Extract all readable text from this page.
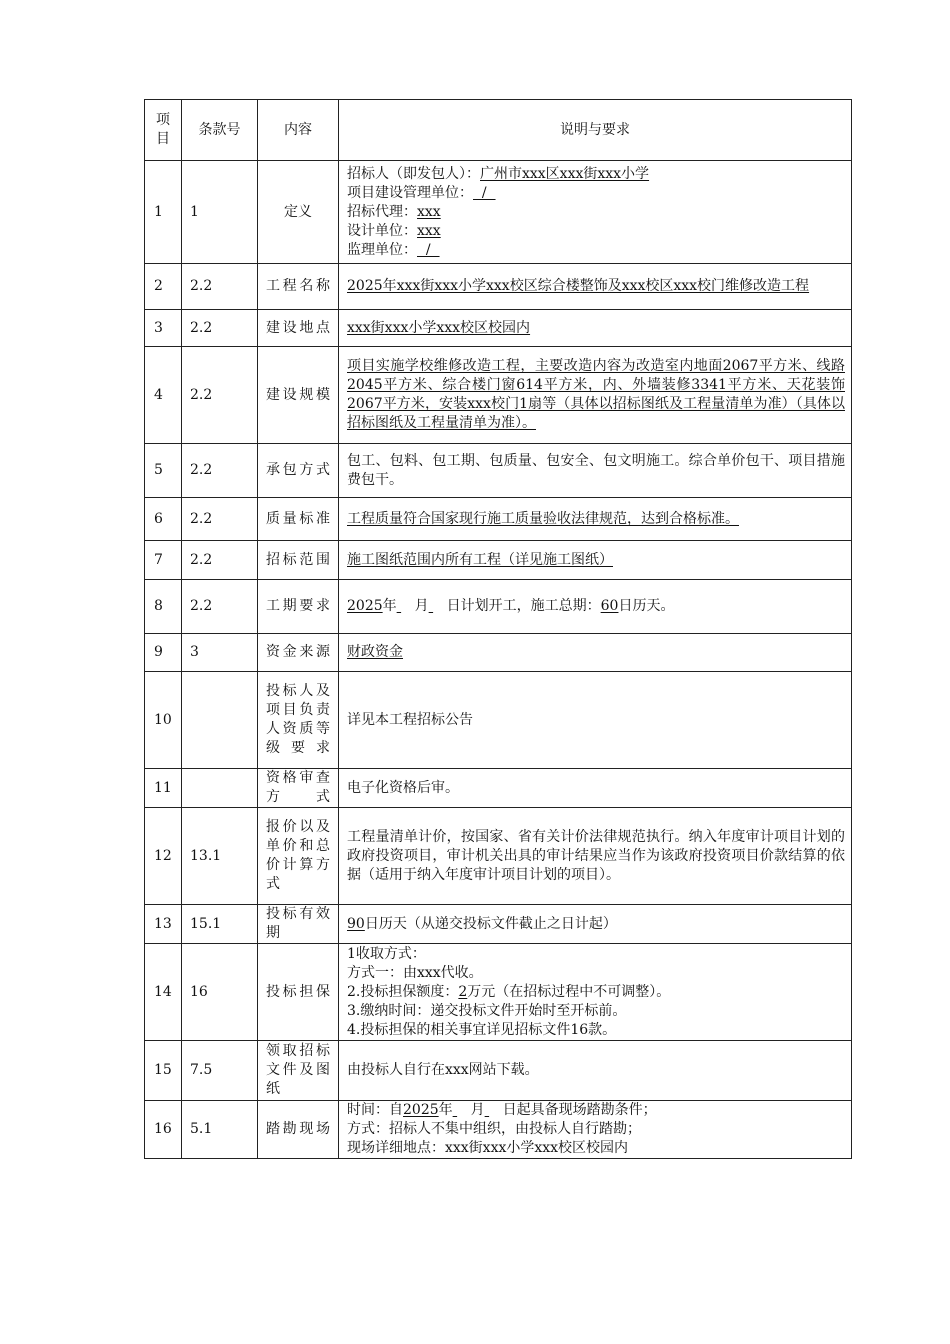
项目	条款号	内容	说明与要求
1	1	定义	招标人（即发包人）：广州市xxx区xxx街xxx小学
项目建设管理单位：  /
招标代理：xxx
设计单位：xxx
监理单位：  /

2	2.2	工程名称	2025年xxx街xxx小学xxx校区综合楼整饰及xxx校区xxx校门维修改造工程
3	2.2	建设地点	xxx街xxx小学xxx校区校园内
4	2.2	建设规模	项目实施学校维修改造工程，主要改造内容为改造室内地面2067平方米、线路2045平方米、综合楼门窗614平方米，内、外墙装修3341平方米、天花装饰2067平方米，安装xxx校门1扇等（具体以招标图纸及工程量清单为准）（具体以招标图纸及工程量清单为准）。
5	2.2	承包方式	包工、包料、包工期、包质量、包安全、包文明施工。综合单价包干、项目措施费包干。
6	2.2	质量标准	工程质量符合国家现行施工质量验收法律规范，达到合格标准。
7	2.2	招标范围	施工图纸范围内所有工程（详见施工图纸）
8	2.2	工期要求	2025年 月 日计划开工，施工总期：60日历天。
9	3	资金来源	财政资金
10		投标人及项目负责人资质等级要求	详见本工程招标公告
11		资格审查方式	电子化资格后审。
12	13.1	报价以及单价和总价计算方式	工程量清单计价，按国家、省有关计价法律规范执行。纳入年度审计项目计划的政府投资项目，审计机关出具的审计结果应当作为该政府投资项目价款结算的依据（适用于纳入年度审计项目计划的项目）。
13	15.1	投标有效期	90日历天（从递交投标文件截止之日计起）
14	16	投标担保	1收取方式：
方式一：由xxx代收。
2.投标担保额度：2万元（在招标过程中不可调整）。
3.缴纳时间：递交投标文件开始时至开标前。
4.投标担保的相关事宜详见招标文件16款。

15	7.5	领取招标文件及图纸	由投标人自行在xxx网站下载。
16	5.1	踏勘现场	时间：自2025年 月 日起具备现场踏勘条件；
方式：招标人不集中组织，由投标人自行踏勘；
现场详细地点：xxx街xxx小学xxx校区校园内
